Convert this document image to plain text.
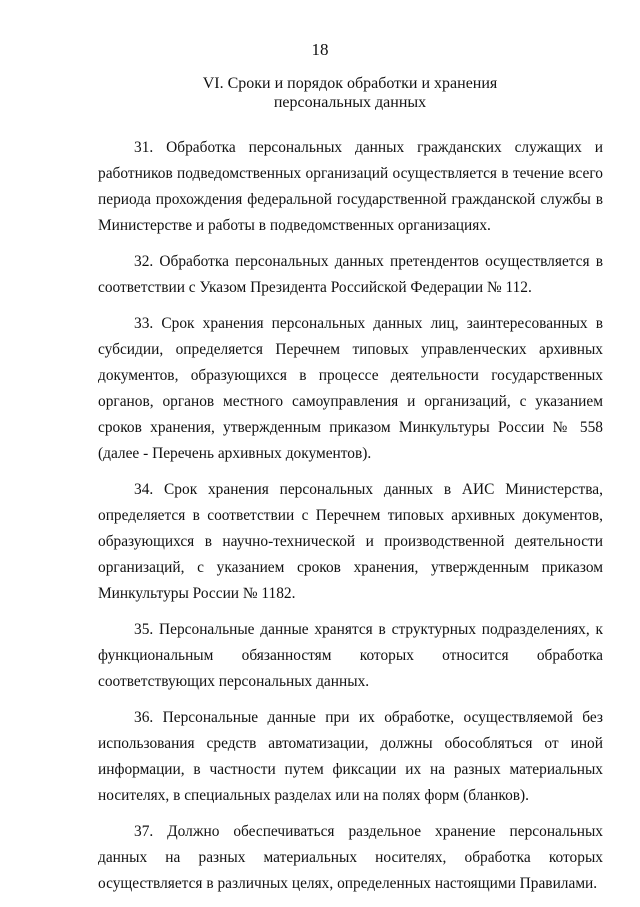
18
VI. Сроки и порядок обработки и хранения
персональных данных

31. Обработка персональных данных гражданских служащих и работников подведомственных организаций осуществляется в течение всего периода прохождения федеральной государственной гражданской службы в Министерстве и работы в подведомственных организациях.

32. Обработка персональных данных претендентов осуществляется в соответствии с Указом Президента Российской Федерации № 112.

33. Срок хранения персональных данных лиц, заинтересованных в субсидии, определяется Перечнем типовых управленческих архивных документов, образующихся в процессе деятельности государственных органов, органов местного самоуправления и организаций, с указанием сроков хранения, утвержденным приказом Минкультуры России № 558 (далее - Перечень архивных документов).

34. Срок хранения персональных данных в АИС Министерства, определяется в соответствии с Перечнем типовых архивных документов, образующихся в научно-технической и производственной деятельности организаций, с указанием сроков хранения, утвержденным приказом Минкультуры России № 1182.

35. Персональные данные хранятся в структурных подразделениях, к функциональным обязанностям которых относится обработка соответствующих персональных данных.

36. Персональные данные при их обработке, осуществляемой без использования средств автоматизации, должны обособляться от иной информации, в частности путем фиксации их на разных материальных носителях, в специальных разделах или на полях форм (бланков).

37. Должно обеспечиваться раздельное хранение персональных данных на разных материальных носителях, обработка которых осуществляется в различных целях, определенных настоящими Правилами.
